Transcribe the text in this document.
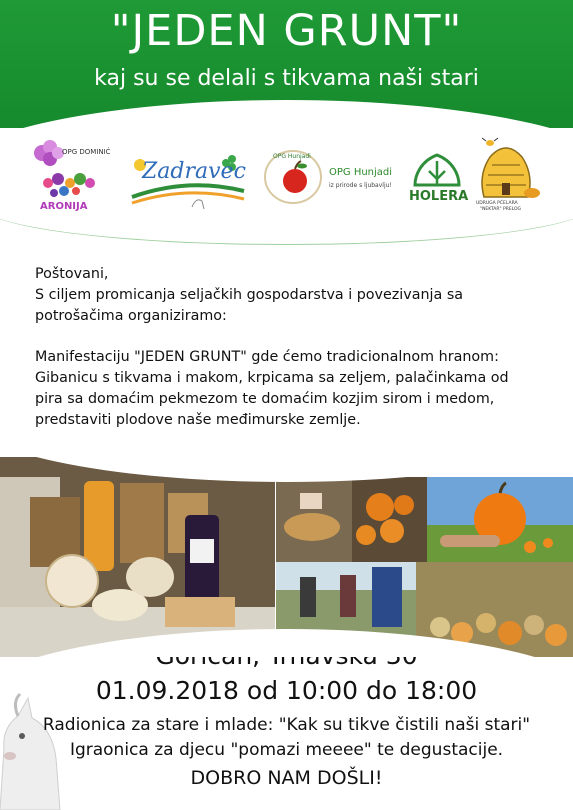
"JEDEN GRUNT"
kaj su se delali s tikvama naši stari
OPG DOMINIĆ
ARONIJA
Zadravec
OPG Hunjadi
OPG Hunjadi
iz prirode s ljubavlju!
HOLERA UDRUGA PČELARA
"NEKTAR" PRELOG

Poštovani,

S ciljem promicanja seljačkih gospodarstva i povezivanja sa

potrošačima organiziramo:

Manifestaciju "JEDEN GRUNT" gde ćemo tradicionalnom hranom:

Gibanicu s tikvama i makom, krpicama sa zeljem, palačinkama od

pira sa domaćim pekmezom te domaćim kozjim sirom i medom,

predstaviti plodove naše međimurske zemlje.

01.09.2018 od 10:00 do 18:00
Radionica za stare i mlade: "Kak su tikve čistili naši stari"
Igraonica za djecu "pomazi meeee" te degustacije.
DOBRO NAM DOŠLI!
